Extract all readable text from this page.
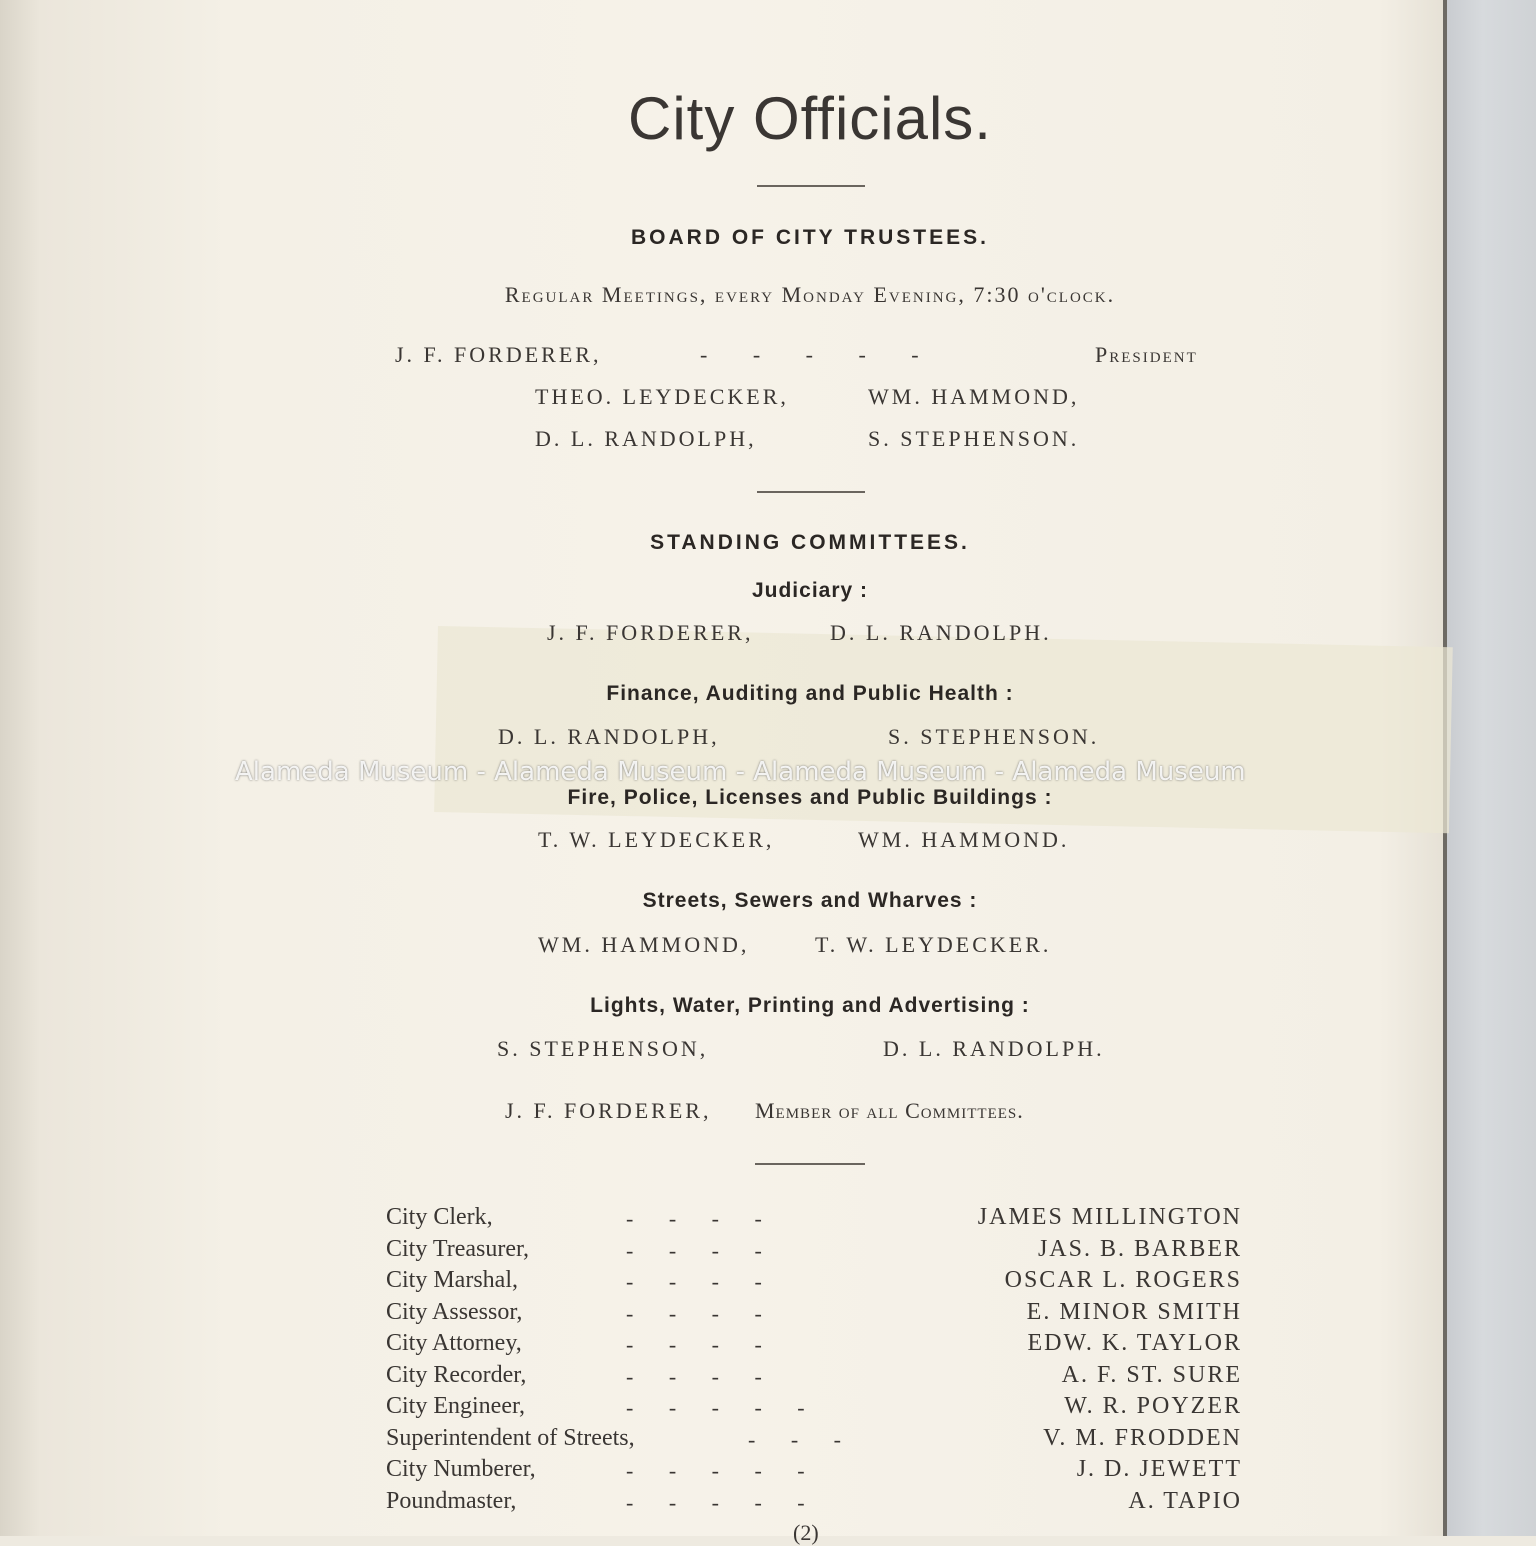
City Officials.
BOARD OF CITY TRUSTEES.
Regular Meetings, every Monday Evening, 7:30 o'clock.
J. F. FORDERER,	- - - - -	President
THEO. LEYDECKER,	WM. HAMMOND,
D. L. RANDOLPH,	S. STEPHENSON.
STANDING COMMITTEES.
Judiciary :
J. F. FORDERER,	D. L. RANDOLPH.
Finance, Auditing and Public Health :
D. L. RANDOLPH,	S. STEPHENSON.
Fire, Police, Licenses and Public Buildings :
T. W. LEYDECKER,	WM. HAMMOND.
Streets, Sewers and Wharves :
WM. HAMMOND,	T. W. LEYDECKER.
Lights, Water, Printing and Advertising :
S. STEPHENSON,	D. L. RANDOLPH.
J. F. FORDERER, Member of all Committees.
City Clerk,	- - - -	JAMES MILLINGTON
City Treasurer,	- - - -	JAS. B. BARBER
City Marshal,	- - - -	OSCAR L. ROGERS
City Assessor,	- - - -	E. MINOR SMITH
City Attorney,	- - - -	EDW. K. TAYLOR
City Recorder,	- - - -	A. F. ST. SURE
City Engineer,	- - - - -	W. R. POYZER
Superintendent of Streets,	- - -	V. M. FRODDEN
City Numberer,	- - - - -	J. D. JEWETT
Poundmaster,	- - - - -	A. TAPIO
Alameda Museum - Alameda Museum - Alameda Museum - Alameda Museum
(2)
